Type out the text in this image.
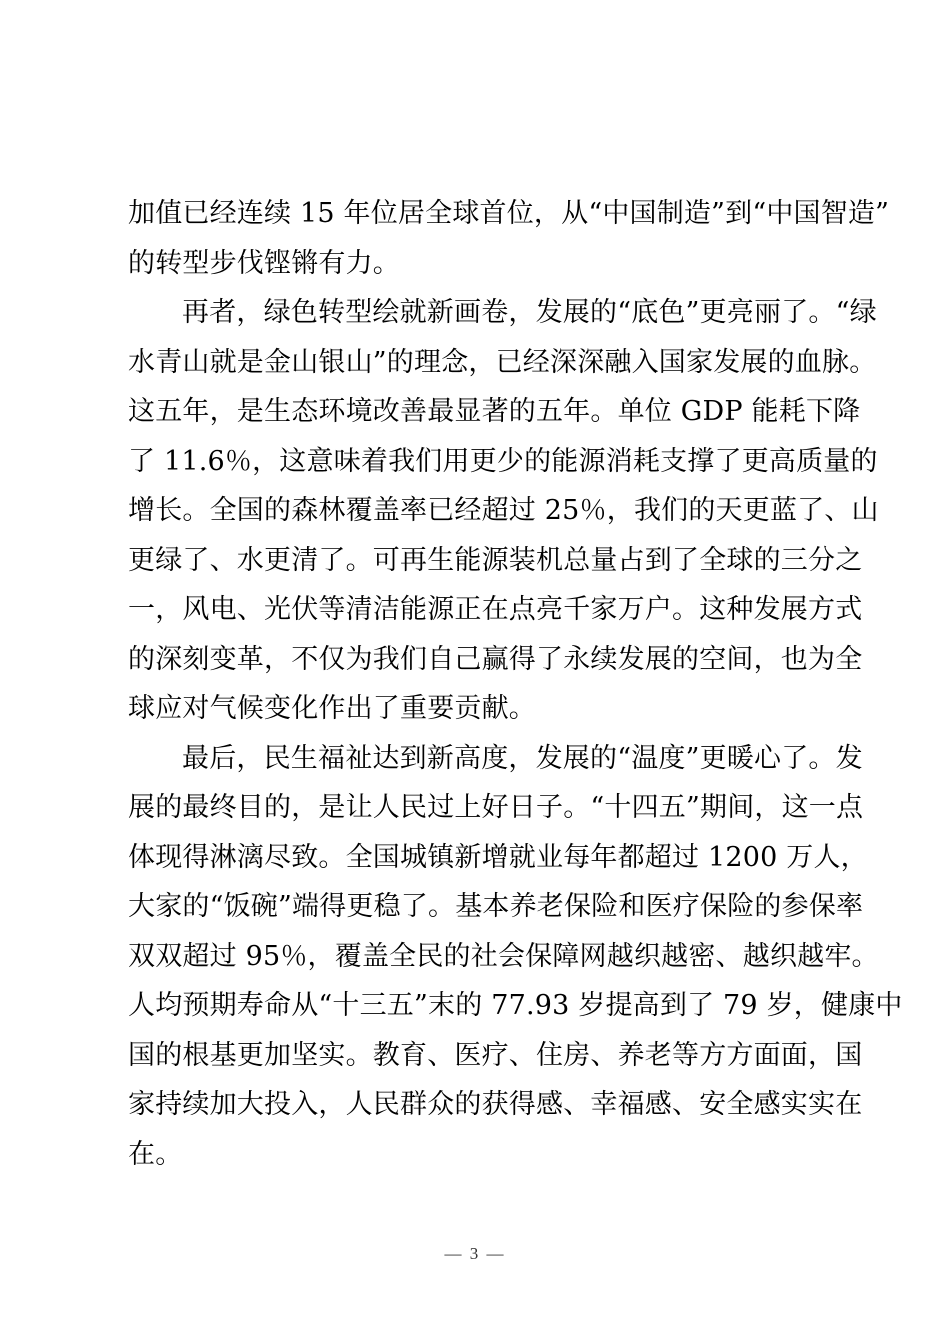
加值已经连续 15 年位居全球首位，从“中国制造”到“中国智造”
的转型步伐铿锵有力。
再者，绿色转型绘就新画卷，发展的“底色”更亮丽了。“绿
水青山就是金山银山”的理念，已经深深融入国家发展的血脉。
这五年，是生态环境改善最显著的五年。单位 GDP 能耗下降
了 11.6％，这意味着我们用更少的能源消耗支撑了更高质量的
增长。全国的森林覆盖率已经超过 25％，我们的天更蓝了、山
更绿了、水更清了。可再生能源装机总量占到了全球的三分之
一，风电、光伏等清洁能源正在点亮千家万户。这种发展方式
的深刻变革，不仅为我们自己赢得了永续发展的空间，也为全
球应对气候变化作出了重要贡献。
最后，民生福祉达到新高度，发展的“温度”更暖心了。发
展的最终目的，是让人民过上好日子。“十四五”期间，这一点
体现得淋漓尽致。全国城镇新增就业每年都超过 1200 万人，
大家的“饭碗”端得更稳了。基本养老保险和医疗保险的参保率
双双超过 95％，覆盖全民的社会保障网越织越密、越织越牢。
人均预期寿命从“十三五”末的 77.93 岁提高到了 79 岁，健康中
国的根基更加坚实。教育、医疗、住房、养老等方方面面，国
家持续加大投入，人民群众的获得感、幸福感、安全感实实在
在。
— 3 —
